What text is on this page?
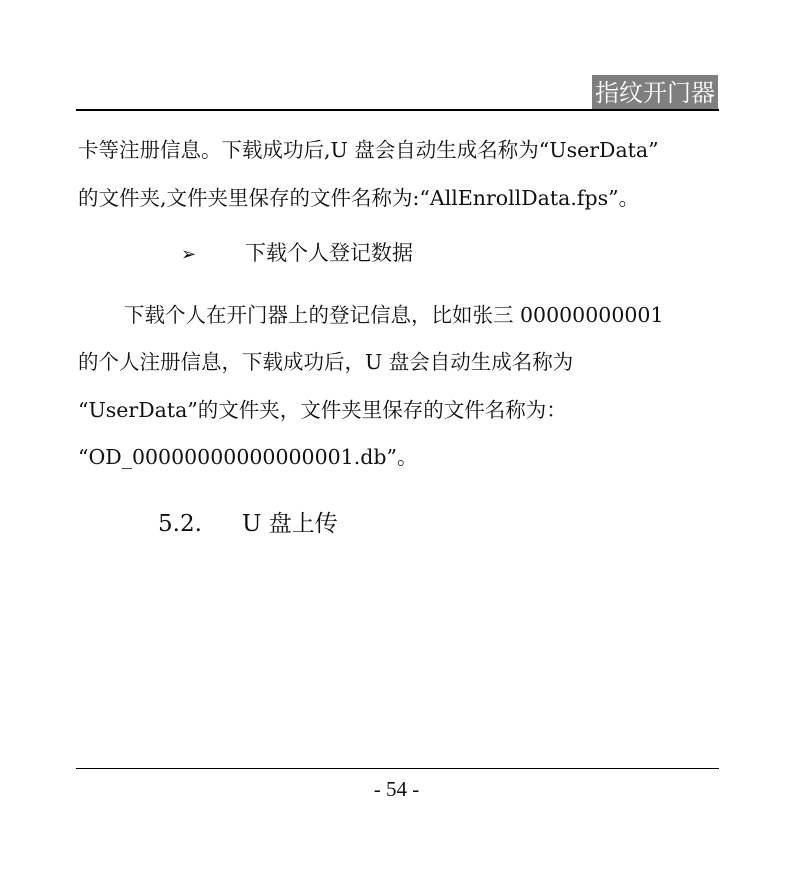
指纹开门器
卡等注册信息。下载成功后,U 盘会自动生成名称为“UserData”
的文件夹,文件夹里保存的文件名称为:“AllEnrollData.fps”。
➢ 下载个人登记数据
下载个人在开门器上的登记信息，比如张三 00000000001
的个人注册信息，下载成功后，U 盘会自动生成名称为
“UserData”的文件夹，文件夹里保存的文件名称为：
“OD_00000000000000001.db”。
5.2. U 盘上传
- 54 -
